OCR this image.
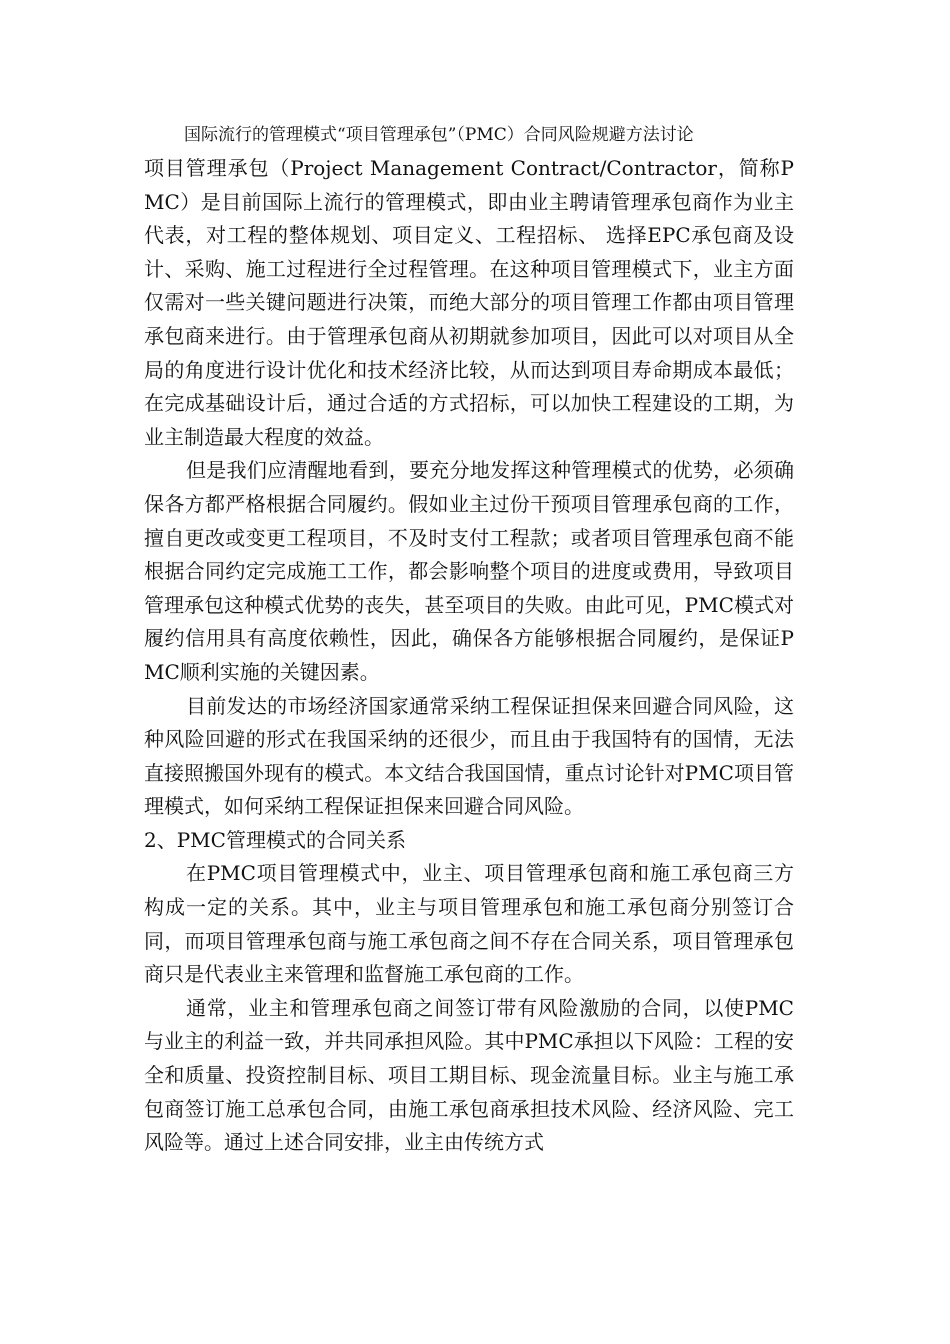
国际流行的管理模式“项目管理承包”（PMC）合同风险规避方法讨论

项目管理承包（Project Management Contract/Contractor，简称PMC）是目前国际上流行的管理模式，即由业主聘请管理承包商作为业主代表，对工程的整体规划、项目定义、工程招标、 选择EPC承包商及设计、采购、施工过程进行全过程管理。在这种项目管理模式下，业主方面仅需对一些关键问题进行决策，而绝大部分的项目管理工作都由项目管理承包商来进行。由于管理承包商从初期就参加项目，因此可以对项目从全局的角度进行设计优化和技术经济比较，从而达到项目寿命期成本最低；在完成基础设计后，通过合适的方式招标，可以加快工程建设的工期，为业主制造最大程度的效益。

但是我们应清醒地看到，要充分地发挥这种管理模式的优势，必须确保各方都严格根据合同履约。假如业主过份干预项目管理承包商的工作，擅自更改或变更工程项目，不及时支付工程款；或者项目管理承包商不能根据合同约定完成施工工作，都会影响整个项目的进度或费用，导致项目管理承包这种模式优势的丧失，甚至项目的失败。由此可见，PMC模式对履约信用具有高度依赖性，因此，确保各方能够根据合同履约，是保证PMC顺利实施的关键因素。

目前发达的市场经济国家通常采纳工程保证担保来回避合同风险，这种风险回避的形式在我国采纳的还很少，而且由于我国特有的国情，无法直接照搬国外现有的模式。本文结合我国国情，重点讨论针对PMC项目管理模式，如何采纳工程保证担保来回避合同风险。

2、PMC管理模式的合同关系

在PMC项目管理模式中，业主、项目管理承包商和施工承包商三方构成一定的关系。其中，业主与项目管理承包和施工承包商分别签订合同，而项目管理承包商与施工承包商之间不存在合同关系，项目管理承包商只是代表业主来管理和监督施工承包商的工作。

通常，业主和管理承包商之间签订带有风险激励的合同，以使PMC与业主的利益一致，并共同承担风险。其中PMC承担以下风险：工程的安全和质量、投资控制目标、项目工期目标、现金流量目标。业主与施工承包商签订施工总承包合同，由施工承包商承担技术风险、经济风险、完工风险等。通过上述合同安排，业主由传统方式
